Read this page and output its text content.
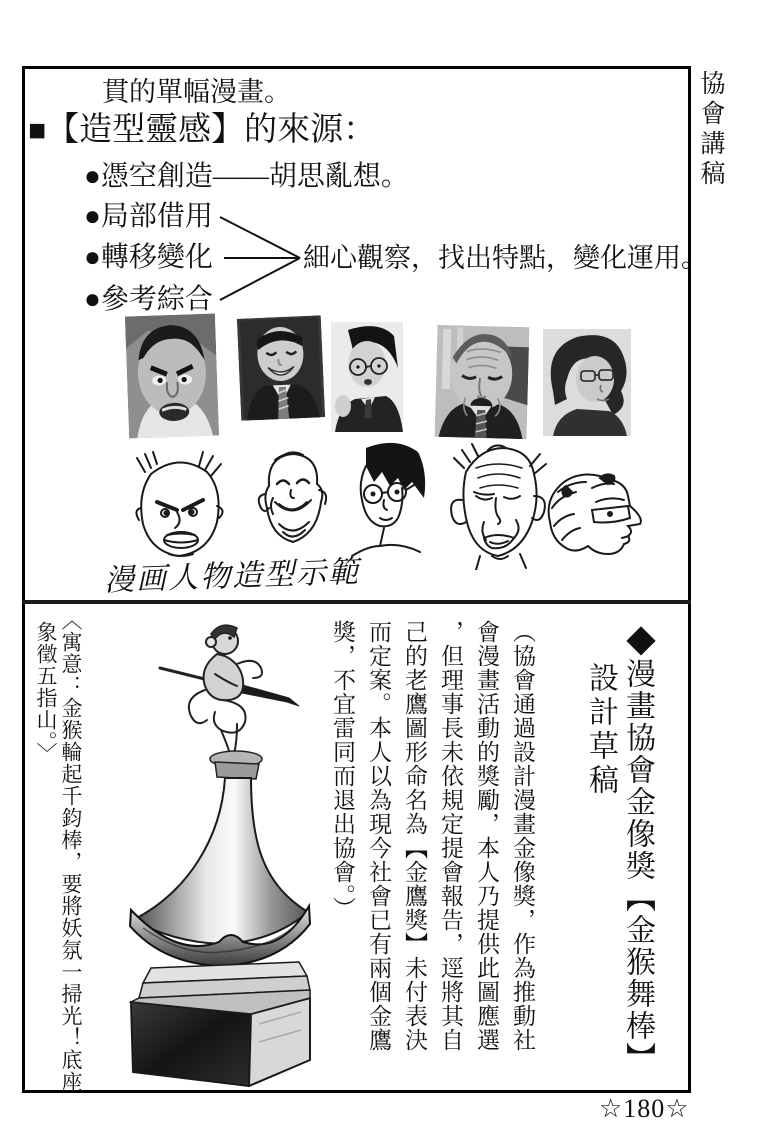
協會講稿
貫的單幅漫畫。
■【造型靈感】的來源：
●憑空創造——胡思亂想。
●局部借用
●轉移變化
●參考綜合
細心觀察，找出特點，變化運用。
漫画人物造型示範
◆漫畫協會金像獎【金猴舞棒】
設計草稿
（協會通過設計漫畫金像獎，作為推動社
會漫畫活動的獎勵，本人乃提供此圖應選
，但理事長未依規定提會報告，逕將其自
己的老鷹圖形命名為【金鷹獎】未付表決
而定案。本人以為現今社會已有兩個金鷹
獎，不宜雷同而退出協會。）
〈寓意：金猴輪起千鈞棒，要將妖氛一掃光！底座
象徵五指山。〉
☆180☆
